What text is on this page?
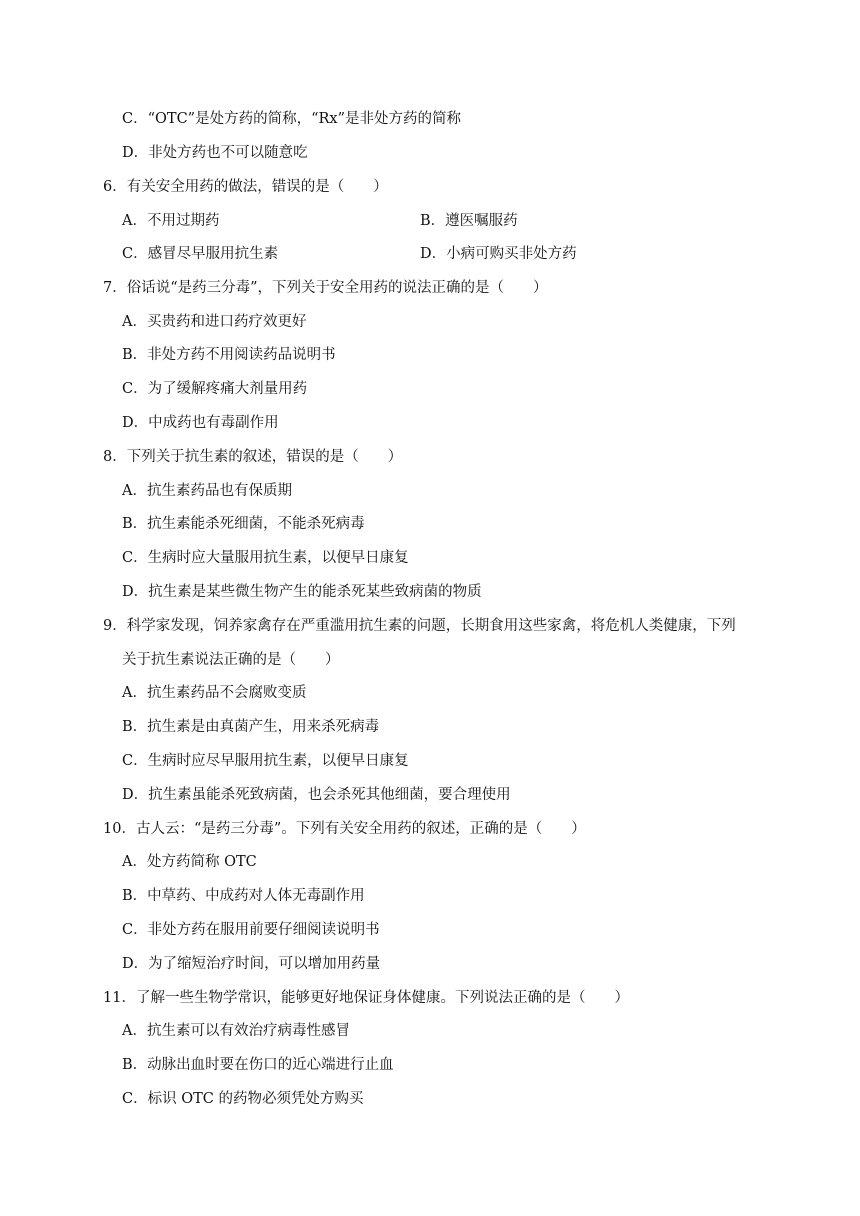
C．“OTC”是处方药的简称，“Rx”是非处方药的简称
D．非处方药也不可以随意吃
6．有关安全用药的做法，错误的是（　　）
A．不用过期药	B．遵医嘱服药
C．感冒尽早服用抗生素	D．小病可购买非处方药
7．俗话说“是药三分毒”，下列关于安全用药的说法正确的是（　　）
A．买贵药和进口药疗效更好
B．非处方药不用阅读药品说明书
C．为了缓解疼痛大剂量用药
D．中成药也有毒副作用
8．下列关于抗生素的叙述，错误的是（　　）
A．抗生素药品也有保质期
B．抗生素能杀死细菌，不能杀死病毒
C．生病时应大量服用抗生素，以便早日康复
D．抗生素是某些微生物产生的能杀死某些致病菌的物质
9．科学家发现，饲养家禽存在严重滥用抗生素的问题，长期食用这些家禽，将危机人类健康，下列
关于抗生素说法正确的是（　　）
A．抗生素药品不会腐败变质
B．抗生素是由真菌产生，用来杀死病毒
C．生病时应尽早服用抗生素，以便早日康复
D．抗生素虽能杀死致病菌，也会杀死其他细菌，要合理使用
10．古人云：“是药三分毒”。下列有关安全用药的叙述，正确的是（　　）
A．处方药简称 OTC
B．中草药、中成药对人体无毒副作用
C．非处方药在服用前要仔细阅读说明书
D．为了缩短治疗时间，可以增加用药量
11．了解一些生物学常识，能够更好地保证身体健康。下列说法正确的是（　　）
A．抗生素可以有效治疗病毒性感冒
B．动脉出血时要在伤口的近心端进行止血
C．标识 OTC 的药物必须凭处方购买
